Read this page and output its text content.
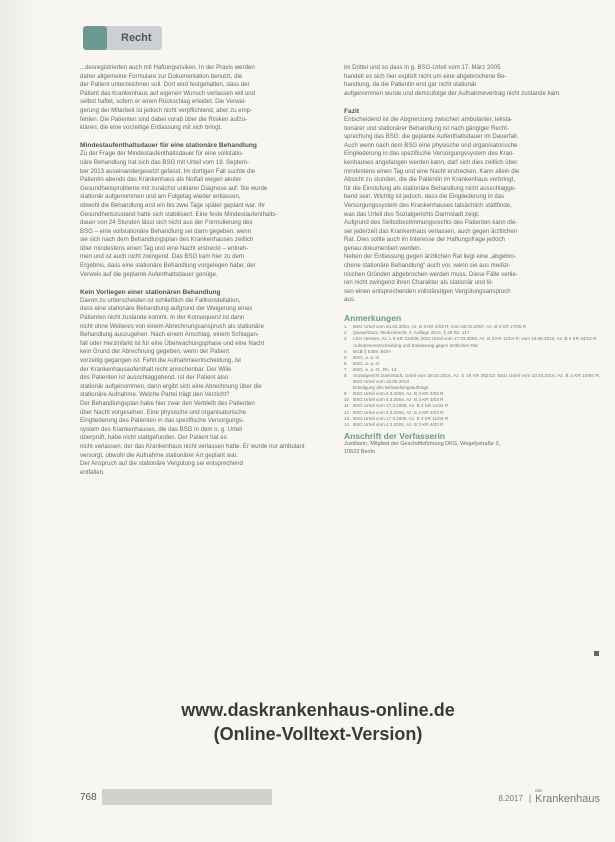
Recht

...desregistrierten auch mit Haftungsrisiken. In der Praxis werden

daher allgemeine Formulare zur Dokumentation benutzt, die

der Patient unterzeichnen soll. Dort wird festgehalten, dass der

Patient das Krankenhaus auf eigenen Wunsch verlassen will und

selbst haftet, sofern er einen Rückschlag erleidet. Die Verwei-

gerung der Mitarbeit ist jedoch nicht verpflichtend, aber zu emp-

fehlen. Die Patienten sind dabei vorab über die Risiken aufzu-

klären, die eine vorzeitige Entlassung mit sich bringt.

Mindestaufenthaltsdauer für eine stationäre Behandlung

Zu der Frage der Mindestaufenthaltsdauer für eine vollstatio-

näre Behandlung hat sich das BSG mit Urteil vom 19. Septem-

ber 2013 auseinandergesetzt gefasst. Im dortigen Fall suchte die

Patientin abends das Krankenhaus als Notfall wegen akuter

Gesundheitsprobleme mit zunächst unklarer Diagnose auf. Sie wurde

stationär aufgenommen und am Folgetag wieder entlassen,

obwohl die Behandlung erst ein bis zwei Tage später geplant war. Ihr

Gesundheitszustand hatte sich stabilisiert. Eine feste Mindestaufenthalts-

dauer von 24 Stunden lässt sich nicht aus der Formulierung des

BSG – eine vollstationäre Behandlung sei dann gegeben, wenn

sie sich nach dem Behandlungsplan des Krankenhauses zeitlich

über mindestens einen Tag und eine Nacht erstreckt – entneh-

men und ist auch nicht zwingend. Das BSG kam hier zu dem

Ergebnis, dass eine stationäre Behandlung vorgelegen habe; der

Verweis auf die geplante Aufenthaltsdauer genüge.

Kein Vorliegen einer stationären Behandlung

Davon zu unterscheiden ist schließlich die Fallkonstellation,

dass eine stationäre Behandlung aufgrund der Weigerung eines

Patienten nicht zustande kommt. In der Konsequenz ist dann

nicht ohne Weiteres von einem Abrechnungsanspruch als stationäre

Behandlung auszugehen. Nach einem Anschlag, einem Schlagan-

fall oder Herzinfarkt ist für eine Überwachungsphase und eine Nacht

kein Grund der Abrechnung gegeben, wenn der Patient

vorzeitig gegangen ist. Fehlt die Aufnahmeentscheidung, ist

der Krankenhausaufenthalt nicht anrechenbar. Der Wille

des Patienten ist ausschlaggebend. Ist der Patient also

stationär aufgenommen, dann ergibt sich eine Abrechnung über die

stationäre Aufnahme. Welche Partei trägt den Verzicht?

Der Behandlungsplan habe hier zwar den Verbleib des Patienten

über Nacht vorgesehen. Eine physische und organisatorische

Eingliederung des Patienten in das spezifische Versorgungs-

system des Krankenhauses, die das BSG in dem o. g. Urteil

überprüft, habe nicht stattgefunden. Der Patient hat es

nicht verlassen, der das Krankenhaus nicht verlassen hatte. Er wurde nur ambulant

versorgt, obwohl die Aufnahme stationärer Art geplant war.

Der Anspruch auf die stationäre Vergütung sei entsprechend

entfallen.

im Drittel und so dass in g. BSG-Urteil vom 17. März 2005

handelt es sich hier explizit nicht um eine abgebrochene Be-

handlung, da die Patientin erst gar nicht stationär

aufgenommen wurde und demzufolge der Aufnahmevertrag nicht zustande kam.

Fazit

Entscheidend ist die Abgrenzung zwischen ambulanter, teilsta-

tionärer und stationärer Behandlung ist nach gängiger Recht-

sprechung das BSG: die geplante Aufenthaltsdauer im Dauerfall.

Auch wenn nach dem BSG eine physische und organisatorische

Eingliederung in das spezifische Versorgungssystem des Kran-

kenhauses angefangen werden kann, darf sich dies zeitlich über

mindestens einen Tag und eine Nacht erstrecken. Kann allein die

Absicht zu stunden, die die Patientin im Krankenhaus verbringt,

für die Einstufung als stationäre Behandlung nicht ausschlagge-

bend sein. Wichtig ist jedoch, dass die Eingliederung in das

Versorgungssystem des Krankenhauses tatsächlich stattfinde,

was das Urteil des Sozialgerichts Darmstadt zeigt.

Aufgrund des Selbstbestimmungsrechts des Patienten kann die-

ser jederzeit das Krankenhaus verlassen, auch gegen ärztlichen

Rat. Dies sollte auch im Interesse der Haftungsfrage jedoch

genau dokumentiert werden.

Neben der Entlassung gegen ärztlichen Rat liegt eine „abgebro-

chene stationäre Behandlung“ auch vor, wenn sie aus medizi-

nischen Gründen abgebrochen werden muss. Diese Fälle verlie-

ren nicht zwingend ihren Charakter als stationär und lö-

sen einen entsprechenden vollständigen Vergütungsanspruch

aus.

Anmerkungen
1	BSG Urteil vom 04.03.2004, Az. B 3 KR 4/03 R; vom 28.02.2007, Az. B 3 KR 17/06 R
2	Quaas/Zuck, Medizinrecht, 3. Auflage 2014, § 25 Rn. 117
3	LSG Hessen, Az. L 8 KR 334/09; BSG Urteil vom 17.03.2005, Az. B 3 KR 11/04 R; vom 19.09.2013, Az. B 3 KR 34/12 R
Aufnahmeentscheidung und Entlassung gegen ärztlichen Rat
4	BGB § 630e; BGH
5	BSG, a. a. O.
6	BSG, a. a. O.
7	BSG, a. a. O., Rn. 12
8	Sozialgericht Darmstadt, Urteil vom 28.02.2014, Az. S 18 KR 352/12; BSG Urteil vom 10.03.2010, Az. B 3 KR 15/08 R; BSG Urteil vom 19.09.2013
Erledigung des Behandlungsauftrags
9	BSG Urteil vom 4.3.2004, Az. B 3 KR 4/03 R
10 BSG Urteil vom 4.3.2004, Az. B 3 KR 4/03 R
11 BSG Urteil vom 17.3.2005, Az. B 3 KR 11/04 R
12 BSG Urteil vom 4.3.2004, Az. B 3 KR 4/03 R
13 BSG Urteil vom 17.3.2005, Az. B 3 KR 11/04 R
14 BSG Urteil vom 4.3.2004, Az. B 3 KR 4/03 R
Anschrift der Verfasserin

Justitiarin, Mitglied der Geschäftsführung DKG, Wegelystraße 3,

10623 Berlin

www.daskrankenhaus-online.de
(Online-Volltext-Version)
768	8.2017 |
das
Krankenhaus
